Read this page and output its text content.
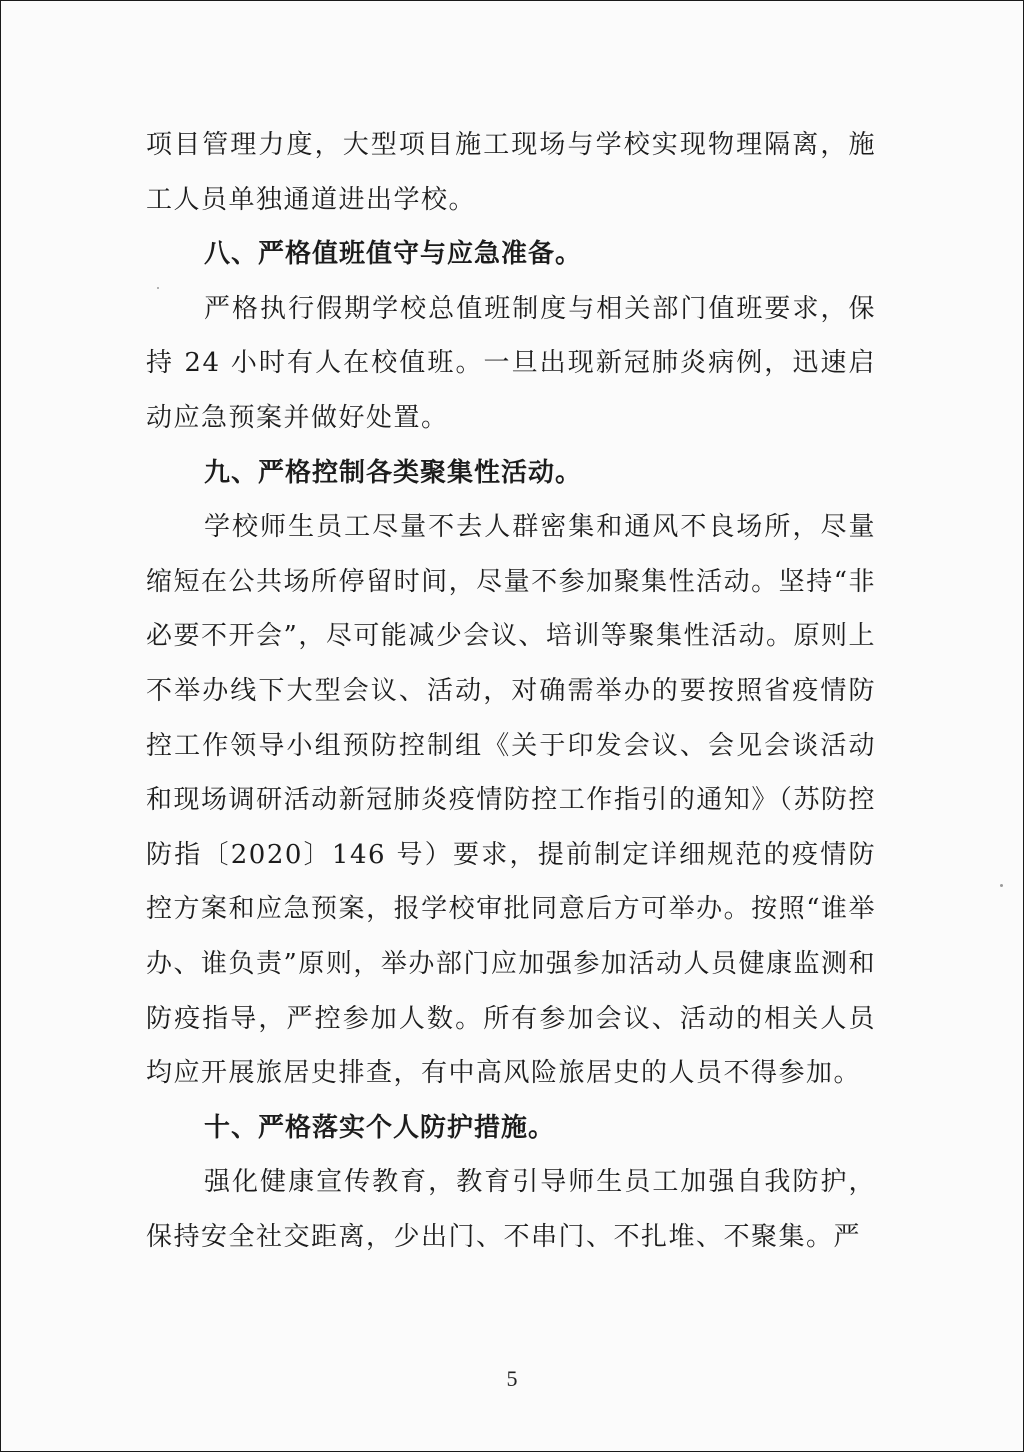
项目管理力度，大型项目施工现场与学校实现物理隔离，施工人员单独通道进出学校。

八、严格值班值守与应急准备。

严格执行假期学校总值班制度与相关部门值班要求，保持 24 小时有人在校值班。一旦出现新冠肺炎病例，迅速启动应急预案并做好处置。

九、严格控制各类聚集性活动。

学校师生员工尽量不去人群密集和通风不良场所，尽量缩短在公共场所停留时间，尽量不参加聚集性活动。坚持“非必要不开会”，尽可能减少会议、培训等聚集性活动。原则上不举办线下大型会议、活动，对确需举办的要按照省疫情防控工作领导小组预防控制组《关于印发会议、会见会谈活动和现场调研活动新冠肺炎疫情防控工作指引的通知》（苏防控防指〔2020〕146 号）要求，提前制定详细规范的疫情防控方案和应急预案，报学校审批同意后方可举办。按照“谁举办、谁负责”原则，举办部门应加强参加活动人员健康监测和防疫指导，严控参加人数。所有参加会议、活动的相关人员均应开展旅居史排查，有中高风险旅居史的人员不得参加。

十、严格落实个人防护措施。

强化健康宣传教育，教育引导师生员工加强自我防护，保持安全社交距离，少出门、不串门、不扎堆、不聚集。严

5
